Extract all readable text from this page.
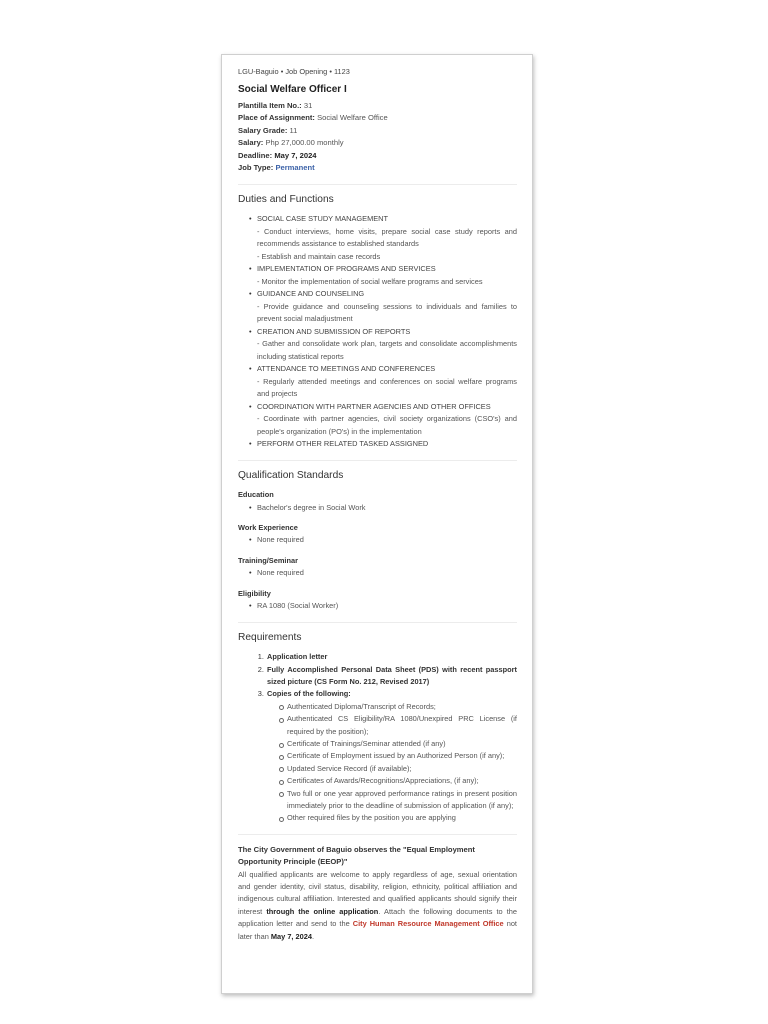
LGU-Baguio • Job Opening • 1123
Social Welfare Officer I
Plantilla Item No.: 31
Place of Assignment: Social Welfare Office
Salary Grade: 11
Salary: Php 27,000.00 monthly
Deadline: May 7, 2024
Job Type: Permanent
Duties and Functions
• SOCIAL CASE STUDY MANAGEMENT
- Conduct interviews, home visits, prepare social case study reports and recommends assistance to established standards
- Establish and maintain case records
• IMPLEMENTATION OF PROGRAMS AND SERVICES
- Monitor the implementation of social welfare programs and services
• GUIDANCE AND COUNSELING
- Provide guidance and counseling sessions to individuals and families to prevent social maladjustment
• CREATION AND SUBMISSION OF REPORTS
- Gather and consolidate work plan, targets and consolidate accomplishments including statistical reports
• ATTENDANCE TO MEETINGS AND CONFERENCES
- Regularly attended meetings and conferences on social welfare programs and projects
• COORDINATION WITH PARTNER AGENCIES AND OTHER OFFICES
- Coordinate with partner agencies, civil society organizations (CSO's) and people's organization (PO's) in the implementation
• PERFORM OTHER RELATED TASKED ASSIGNED
Qualification Standards
Education
• Bachelor's degree in Social Work
Work Experience
• None required
Training/Seminar
• None required
Eligibility
• RA 1080 (Social Worker)
Requirements
1. Application letter
2. Fully Accomplished Personal Data Sheet (PDS) with recent passport sized picture (CS Form No. 212, Revised 2017)
3. Copies of the following:
Authenticated Diploma/Transcript of Records;
Authenticated CS Eligibility/RA 1080/Unexpired PRC License (if required by the position);
Certificate of Trainings/Seminar attended (if any)
Certificate of Employment issued by an Authorized Person (if any);
Updated Service Record (if available);
Certificates of Awards/Recognitions/Appreciations, (if any);
Two full or one year approved performance ratings in present position immediately prior to the deadline of submission of application (if any);
Other required files by the position you are applying
The City Government of Baguio observes the "Equal Employment Opportunity Principle (EEOP)"
All qualified applicants are welcome to apply regardless of age, sexual orientation and gender identity, civil status, disability, religion, ethnicity, political affiliation and indigenous cultural affiliation. Interested and qualified applicants should signify their interest through the online application. Attach the following documents to the application letter and send to the City Human Resource Management Office not later than May 7, 2024.
